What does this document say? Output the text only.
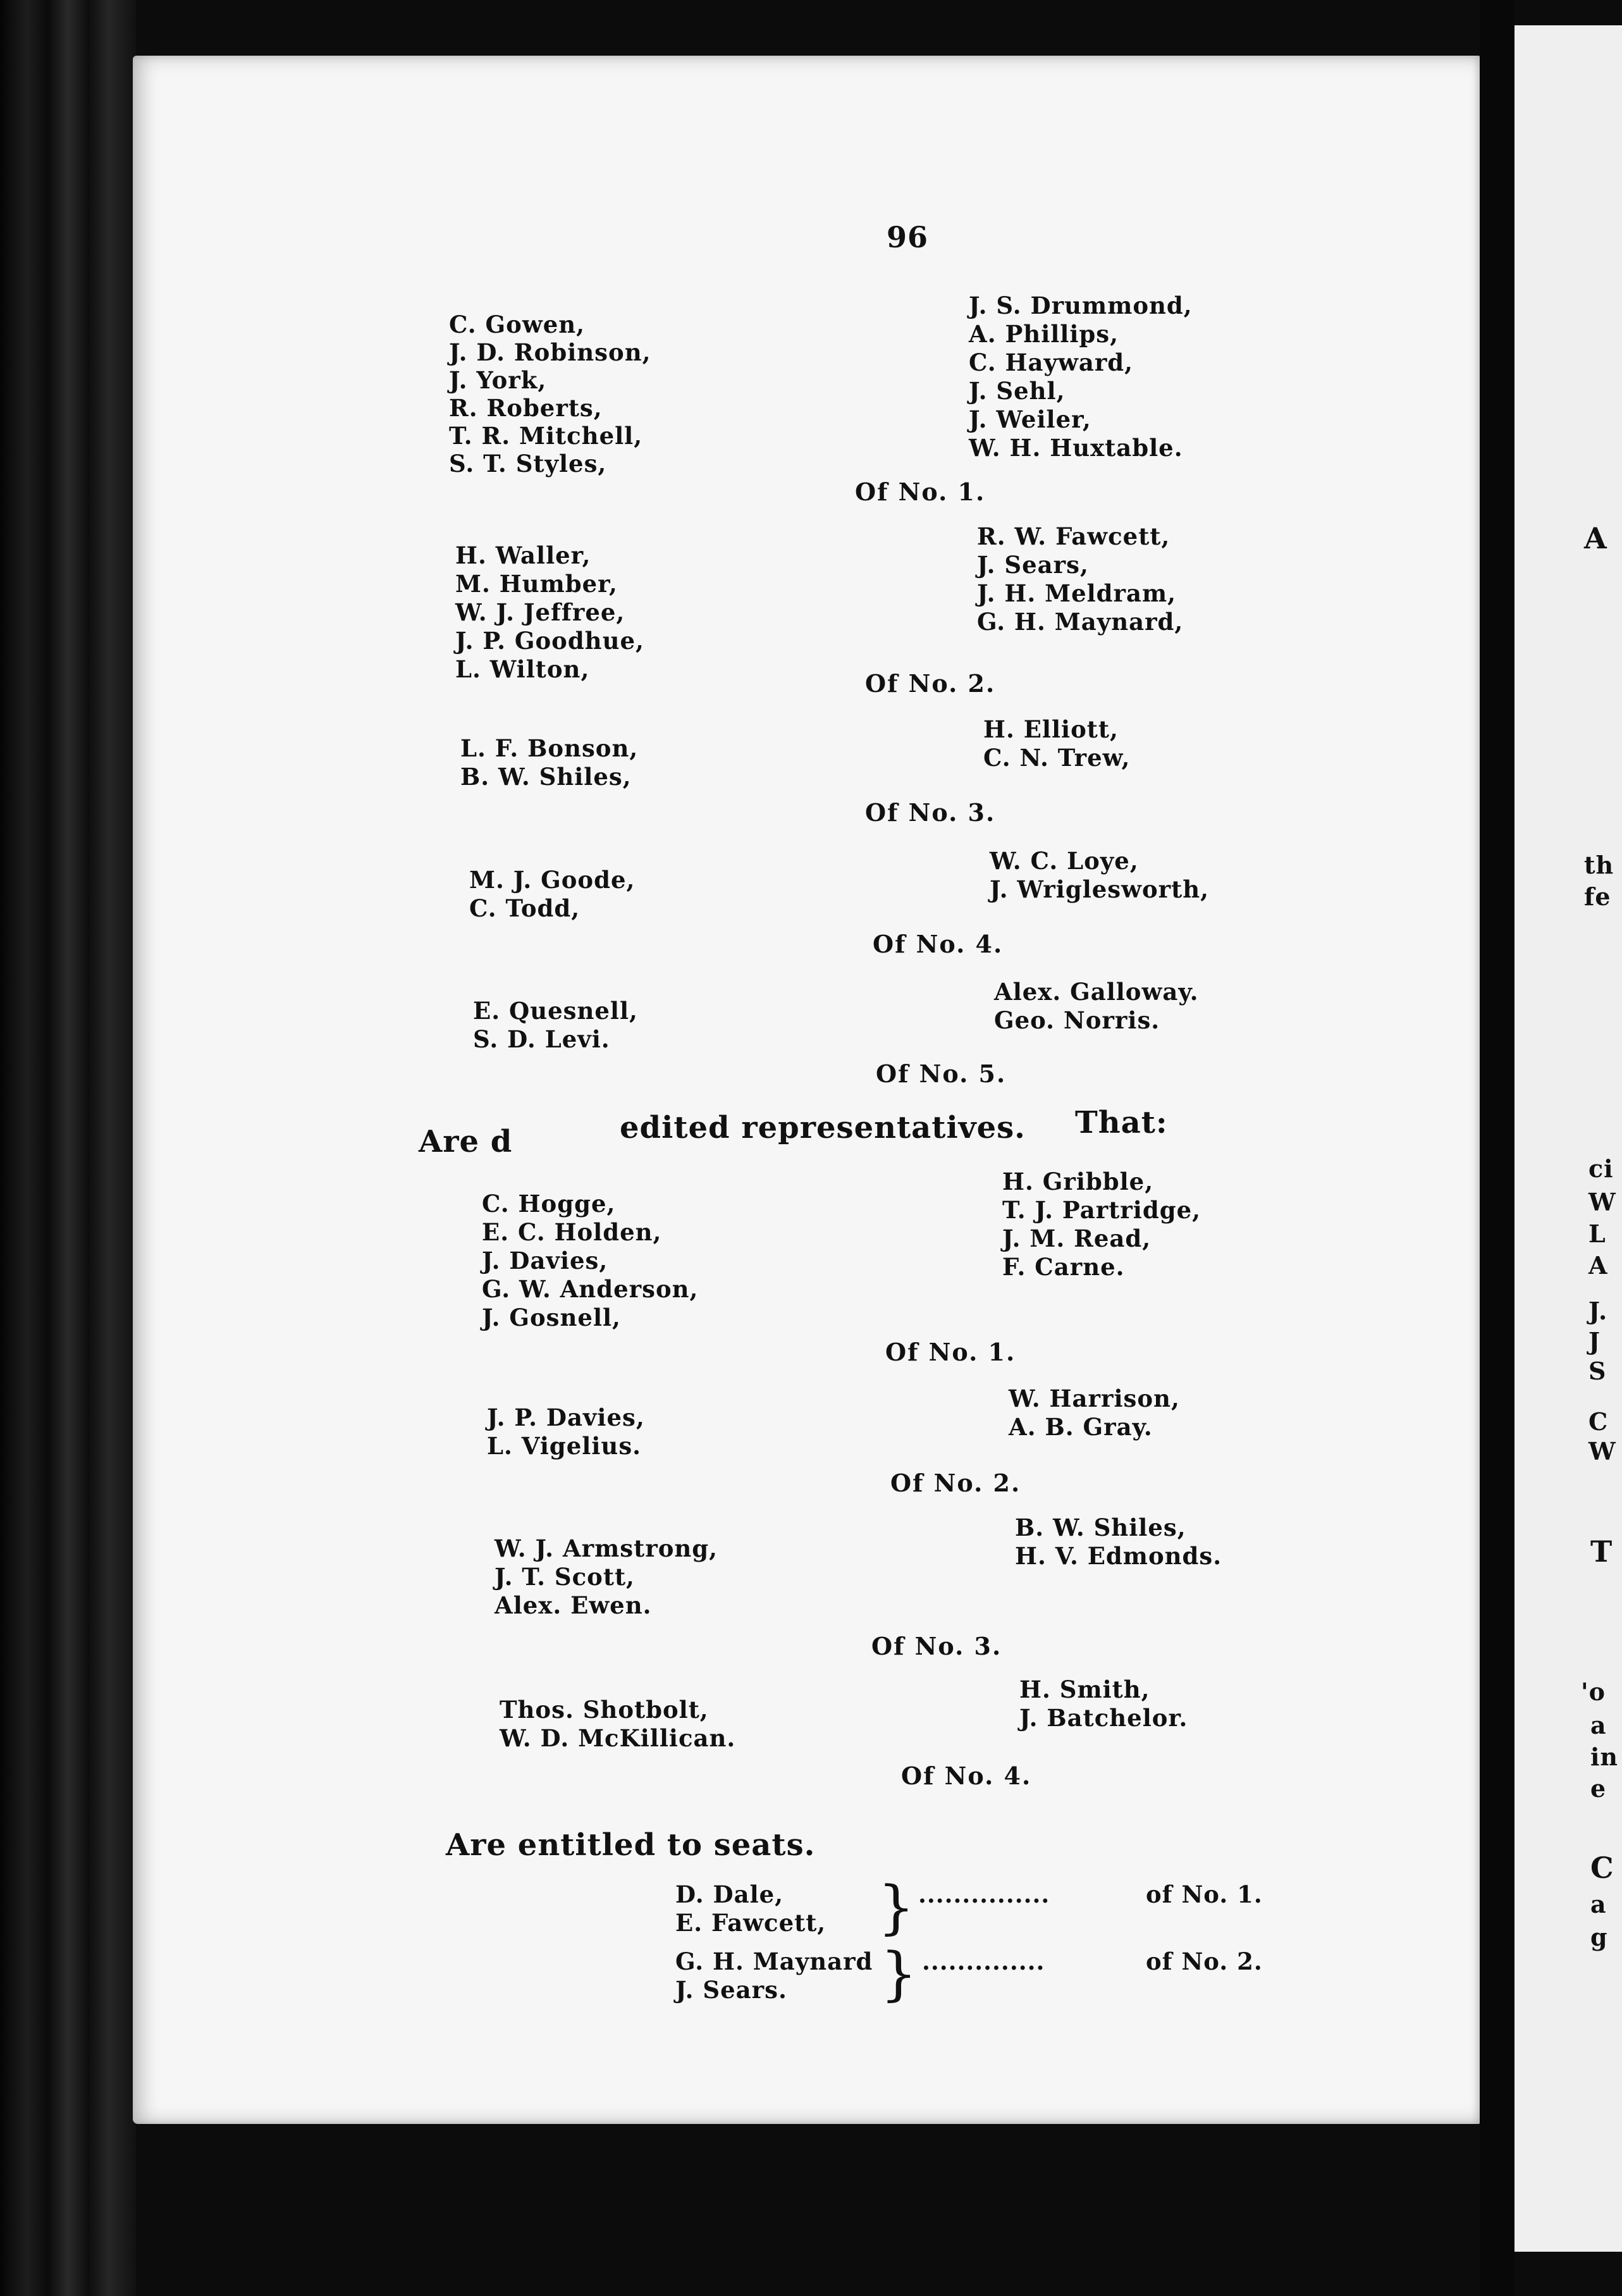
96
C. Gowen,
J. D. Robinson,
J. York,
R. Roberts,
T. R. Mitchell,
S. T. Styles,
J. S. Drummond,
A. Phillips,
C. Hayward,
J. Sehl,
J. Weiler,
W. H. Huxtable.
Of No. 1.
H. Waller,
M. Humber,
W. J. Jeffree,
J. P. Goodhue,
L. Wilton,
R. W. Fawcett,
J. Sears,
J. H. Meldram,
G. H. Maynard,
Of No. 2.
L. F. Bonson,
B. W. Shiles,
H. Elliott,
C. N. Trew,
Of No. 3.
M. J. Goode,
C. Todd,
W. C. Loye,
J. Wriglesworth,
Of No. 4.
E. Quesnell,
S. D. Levi.
Alex. Galloway.
Geo. Norris.
Of No. 5.
Are d	edited representatives. That:
C. Hogge,
E. C. Holden,
J. Davies,
G. W. Anderson,
J. Gosnell,
H. Gribble,
T. J. Partridge,
J. M. Read,
F. Carne.
Of No. 1.
J. P. Davies,
L. Vigelius.
W. Harrison,
A. B. Gray.
Of No. 2.
W. J. Armstrong,
J. T. Scott,
Alex. Ewen.
B. W. Shiles,
H. V. Edmonds.
Of No. 3.
Thos. Shotbolt,
W. D. McKillican.
H. Smith,
J. Batchelor.
Of No. 4.
Are entitled to seats.
D. Dale,
E. Fawcett, } ...............	of No. 1.
G. H. Maynard
J. Sears. } ..............	of No. 2.
A
th
fe
ci
W
L
A
J.
J
S
C
W
T
'o
a
in
e
C
a
g
